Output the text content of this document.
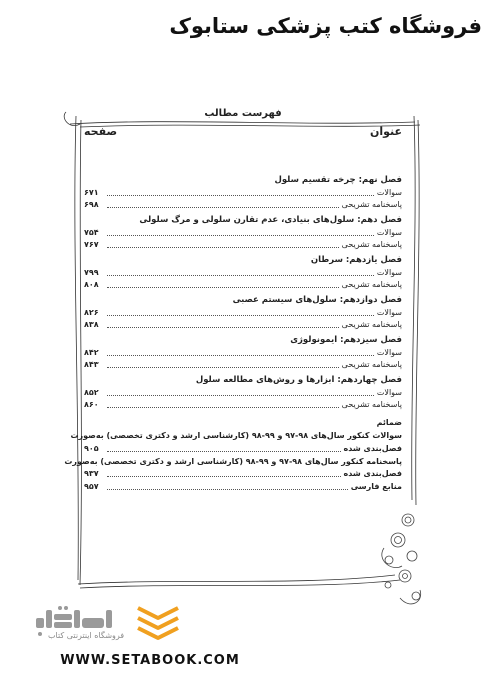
فروشگاه کتب پزشکی ستابوک
فهرست مطالب
عنوان
صفحه
فصل نهم: چرخه تقسیم سلول
سوالات
۶۷۱
پاسخنامه تشریحی
۶۹۸
فصل دهم: سلول‌های بنیادی، عدم تقارن سلولی و مرگ سلولی
سوالات
۷۵۴
پاسخنامه تشریحی
۷۶۷
فصل یازدهم: سرطان
سوالات
۷۹۹
پاسخنامه تشریحی
۸۰۸
فصل دوازدهم: سلول‌های سیستم عصبی
سوالات
۸۲۶
پاسخنامه تشریحی
۸۳۸
فصل سیزدهم: ایمونولوژی
سوالات
۸۴۲
پاسخنامه تشریحی
۸۴۳
فصل چهاردهم: ابزارها و روش‌های مطالعه سلول
سوالات
۸۵۲
پاسخنامه تشریحی
۸۶۰
ضمائم
سوالات کنکور سال‌های ۹۸-۹۷ و ۹۹-۹۸ (کارشناسی ارشد و دکتری تخصصی) به‌صورت
فصل‌بندی شده
۹۰۵
پاسخنامه کنکور سال‌های ۹۸-۹۷ و ۹۹-۹۸ (کارشناسی ارشد و دکتری تخصصی) به‌صورت
فصل‌بندی شده
۹۳۷
منابع فارسی
۹۵۷
فروشگاه اینترنتی کتاب
WWW.SETABOOK.COM
